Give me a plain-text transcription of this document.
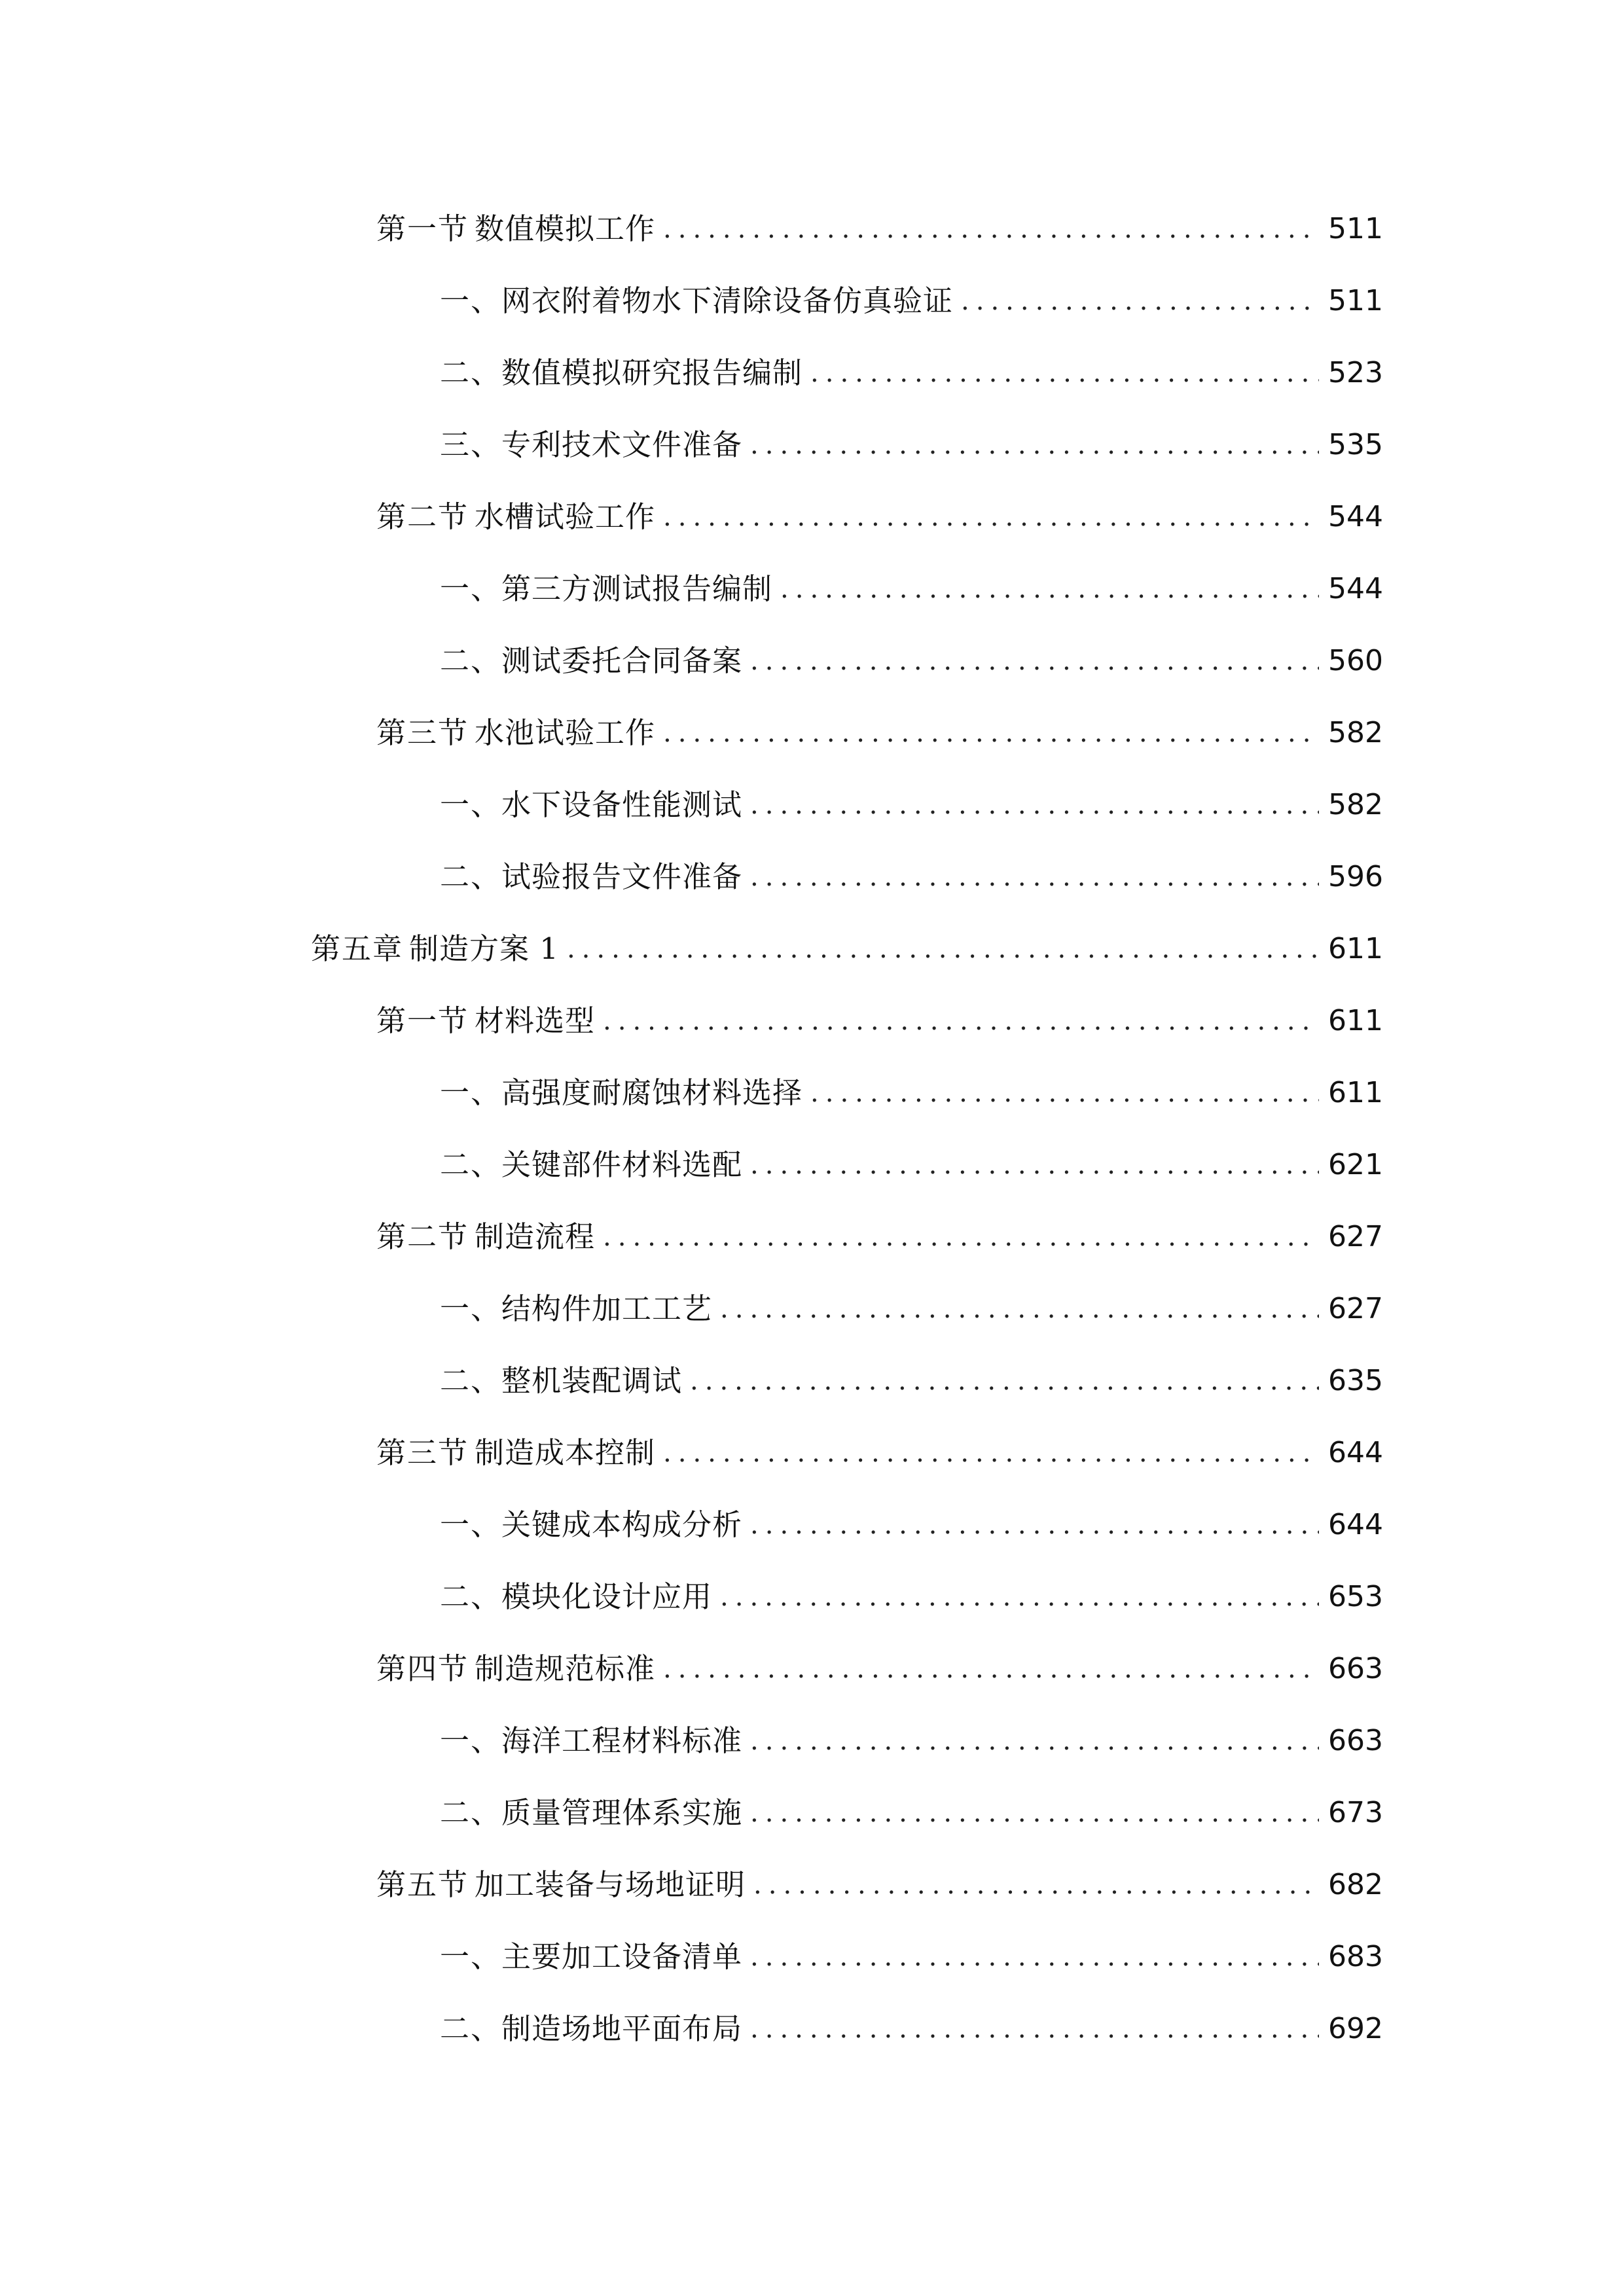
第一节 数值模拟工作 .....	511
一、 网衣附着物水下清除设备仿真验证 .....	511
二、 数值模拟研究报告编制 .....	523
三、 专利技术文件准备 .....	535
第二节 水槽试验工作 .....	544
一、 第三方测试报告编制 .....	544
二、 测试委托合同备案 .....	560
第三节 水池试验工作 .....	582
一、 水下设备性能测试 .....	582
二、 试验报告文件准备 .....	596
第五章 制造方案 1 .....	611
第一节 材料选型 .....	611
一、 高强度耐腐蚀材料选择 .....	611
二、 关键部件材料选配 .....	621
第二节 制造流程 .....	627
一、 结构件加工工艺 .....	627
二、 整机装配调试 .....	635
第三节 制造成本控制 .....	644
一、 关键成本构成分析 .....	644
二、 模块化设计应用 .....	653
第四节 制造规范标准 .....	663
一、 海洋工程材料标准 .....	663
二、 质量管理体系实施 .....	673
第五节 加工装备与场地证明 .....	682
一、 主要加工设备清单 .....	683
二、 制造场地平面布局 .....	692
